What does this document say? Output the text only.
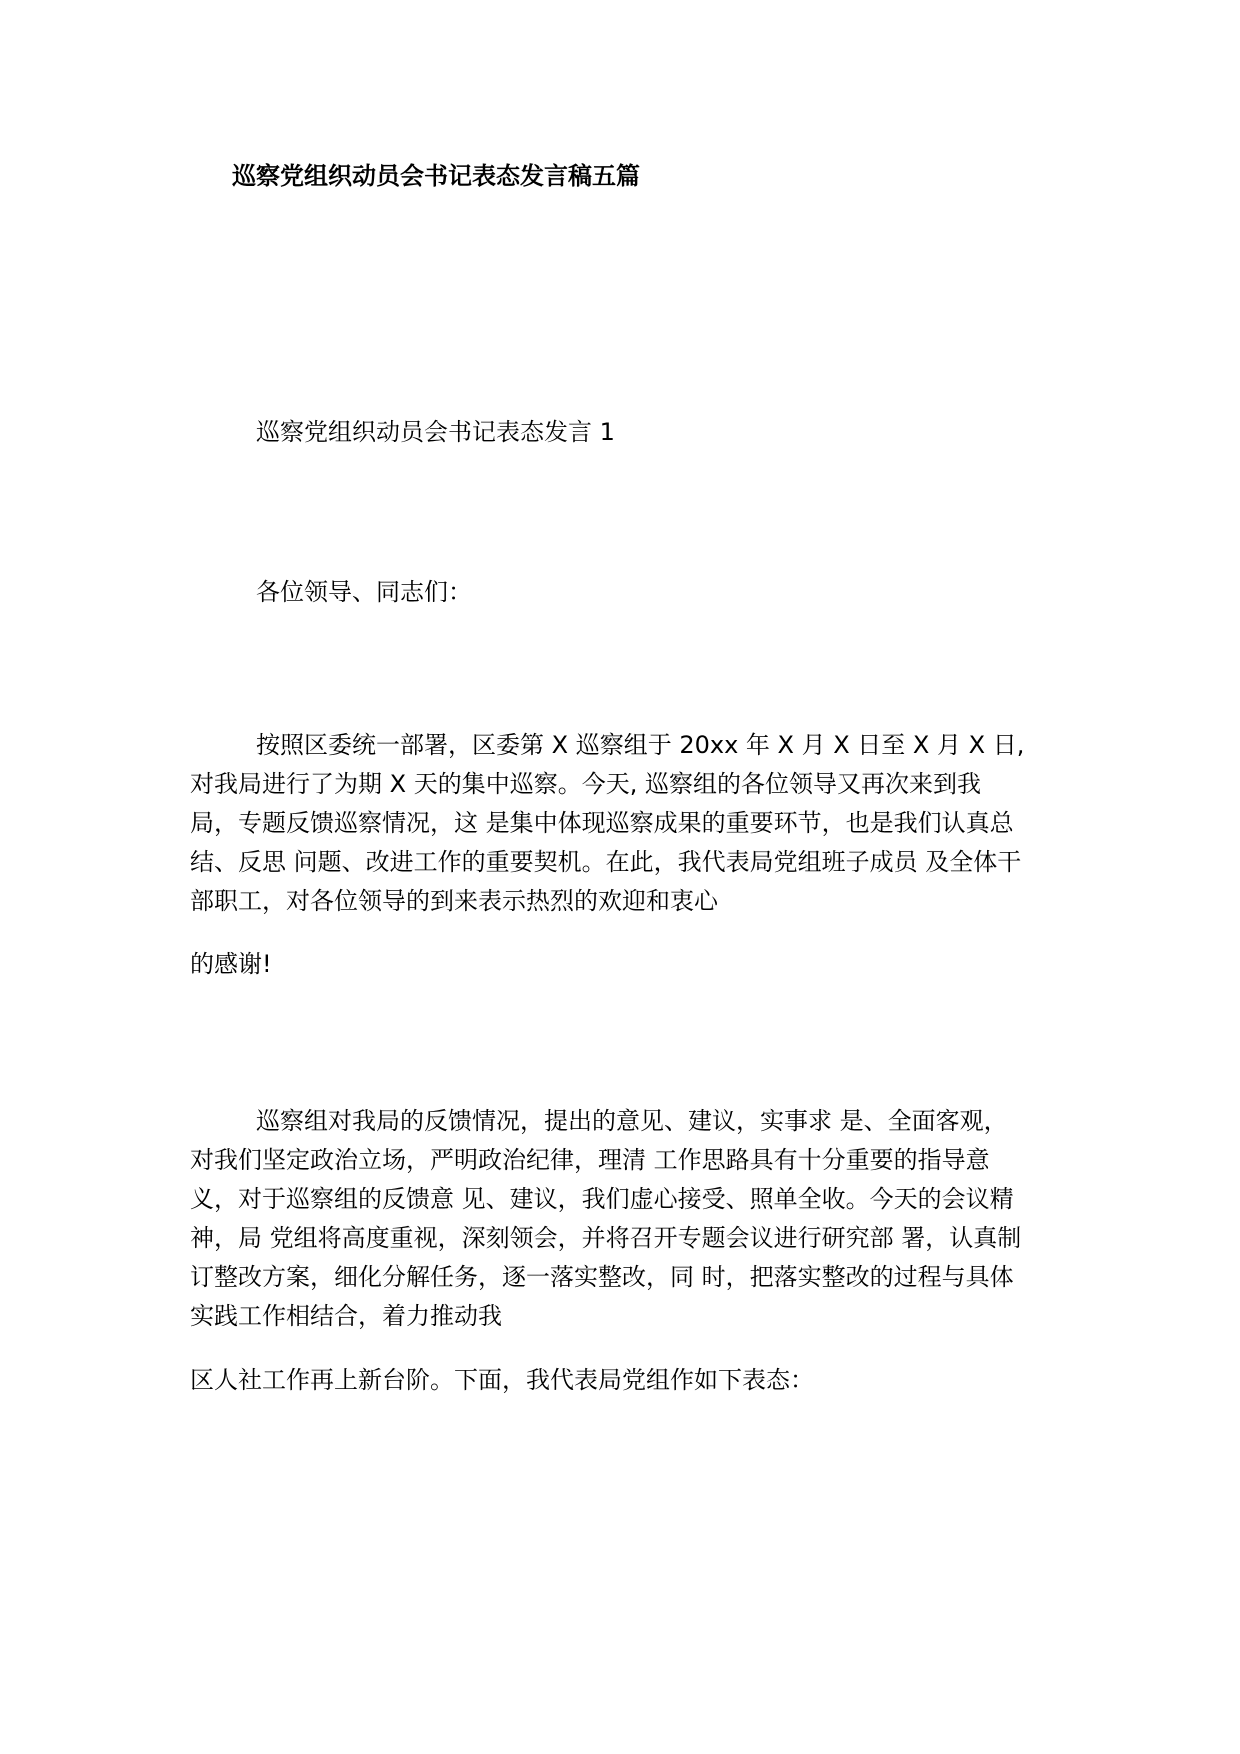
巡察党组织动员会书记表态发言稿五篇
巡察党组织动员会书记表态发言 1
各位领导、同志们：
按照区委统一部署，区委第 X 巡察组于 20xx 年 X 月 X 日至 X 月 X 日,
对我局进行了为期 X 天的集中巡察。今天, 巡察组的各位领导又再次来到我
局，专题反馈巡察情况，这 是集中体现巡察成果的重要环节，也是我们认真总
结、反思 问题、改进工作的重要契机。在此，我代表局党组班子成员 及全体干
部职工，对各位领导的到来表示热烈的欢迎和衷心
的感谢!
巡察组对我局的反馈情况，提出的意见、建议，实事求 是、全面客观，
对我们坚定政治立场，严明政治纪律，理清 工作思路具有十分重要的指导意
义，对于巡察组的反馈意 见、建议，我们虚心接受、照单全收。今天的会议精
神，局 党组将高度重视，深刻领会，并将召开专题会议进行研究部 署，认真制
订整改方案，细化分解任务，逐一落实整改，同 时，把落实整改的过程与具体
实践工作相结合，着力推动我
区人社工作再上新台阶。下面，我代表局党组作如下表态：
